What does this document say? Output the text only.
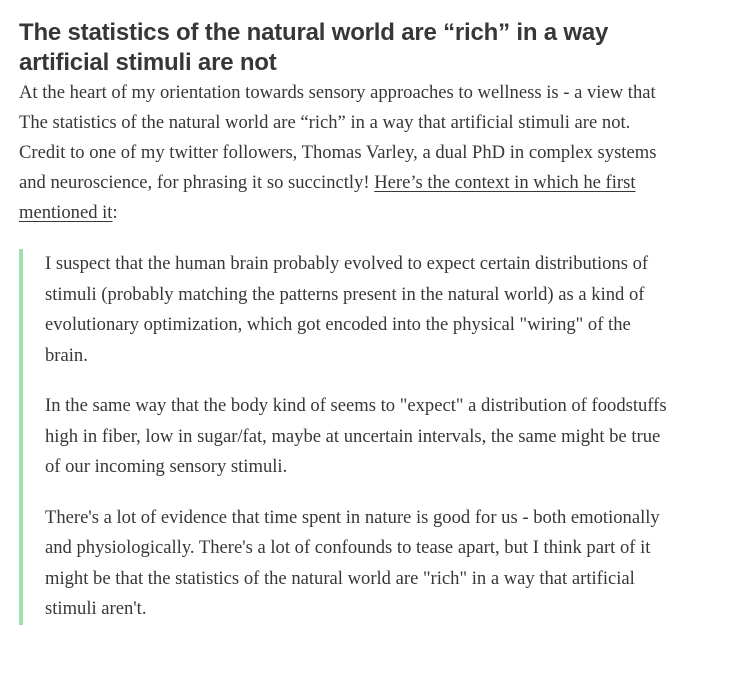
The statistics of the natural world are “rich” in a way
artificial stimuli are not

At the heart of my orientation towards sensory approaches to wellness is - a view that

The statistics of the natural world are “rich” in a way that artificial stimuli are not.

Credit to one of my twitter followers, Thomas Varley, a dual PhD in complex systems
and neuroscience, for phrasing it so succinctly! Here’s the context in which he first
mentioned it:

I suspect that the human brain probably evolved to expect certain distributions of
stimuli (probably matching the patterns present in the natural world) as a kind of
evolutionary optimization, which got encoded into the physical "wiring" of the
brain.

In the same way that the body kind of seems to "expect" a distribution of foodstuffs
high in fiber, low in sugar/fat, maybe at uncertain intervals, the same might be true
of our incoming sensory stimuli.

There's a lot of evidence that time spent in nature is good for us - both emotionally
and physiologically. There's a lot of confounds to tease apart, but I think part of it
might be that the statistics of the natural world are "rich" in a way that artificial
stimuli aren't.
